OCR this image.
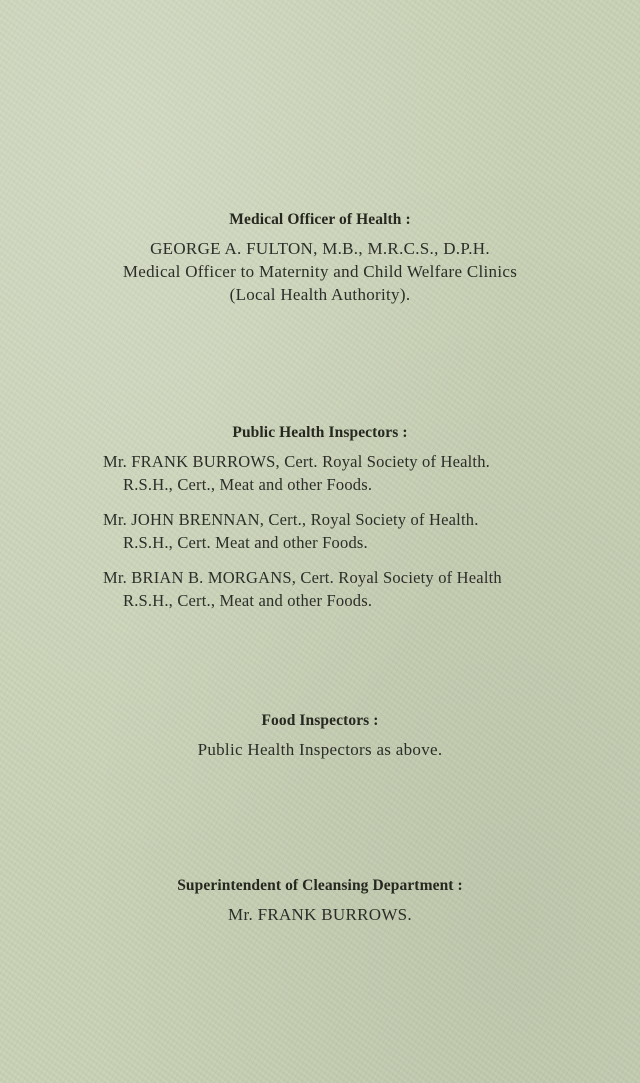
Medical Officer of Health :
GEORGE A. FULTON, M.B., M.R.C.S., D.P.H.
Medical Officer to Maternity and Child Welfare Clinics
(Local Health Authority).
Public Health Inspectors :
Mr. FRANK BURROWS, Cert. Royal Society of Health.
R.S.H., Cert., Meat and other Foods.
Mr. JOHN BRENNAN, Cert., Royal Society of Health.
R.S.H., Cert. Meat and other Foods.
Mr. BRIAN B. MORGANS, Cert. Royal Society of Health
R.S.H., Cert., Meat and other Foods.
Food Inspectors :
Public Health Inspectors as above.
Superintendent of Cleansing Department :
Mr. FRANK BURROWS.
